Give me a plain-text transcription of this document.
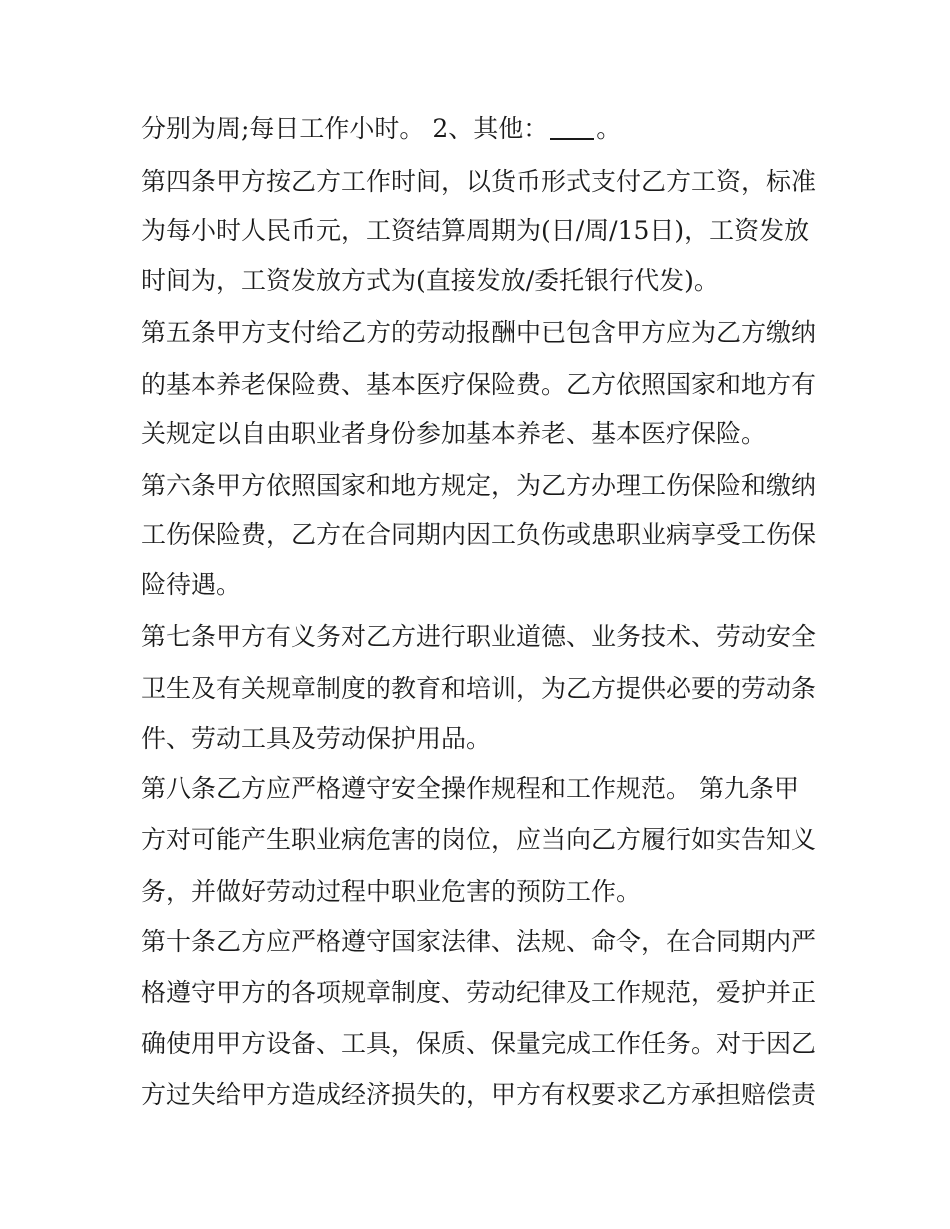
分别为周;每日工作小时。 2、其他： 。
第四条甲方按乙方工作时间，以货币形式支付乙方工资，标准
为每小时人民币元，工资结算周期为(日/周/15日)，工资发放
时间为，工资发放方式为(直接发放/委托银行代发)。
第五条甲方支付给乙方的劳动报酬中已包含甲方应为乙方缴纳
的基本养老保险费、基本医疗保险费。乙方依照国家和地方有
关规定以自由职业者身份参加基本养老、基本医疗保险。
第六条甲方依照国家和地方规定，为乙方办理工伤保险和缴纳
工伤保险费，乙方在合同期内因工负伤或患职业病享受工伤保
险待遇。
第七条甲方有义务对乙方进行职业道德、业务技术、劳动安全
卫生及有关规章制度的教育和培训，为乙方提供必要的劳动条
件、劳动工具及劳动保护用品。
第八条乙方应严格遵守安全操作规程和工作规范。 第九条甲
方对可能产生职业病危害的岗位，应当向乙方履行如实告知义
务，并做好劳动过程中职业危害的预防工作。
第十条乙方应严格遵守国家法律、法规、命令，在合同期内严
格遵守甲方的各项规章制度、劳动纪律及工作规范，爱护并正
确使用甲方设备、工具，保质、保量完成工作任务。对于因乙
方过失给甲方造成经济损失的，甲方有权要求乙方承担赔偿责
